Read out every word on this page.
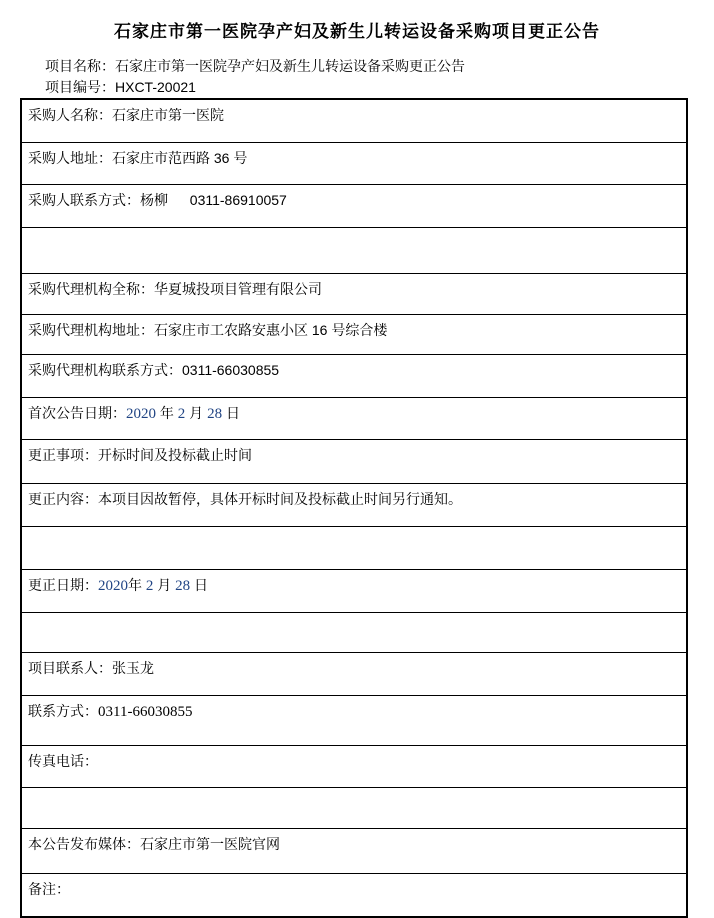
石家庄市第一医院孕产妇及新生儿转运设备采购项目更正公告
项目名称：石家庄市第一医院孕产妇及新生儿转运设备采购更正公告
项目编号：HXCT-20021
采购人名称：石家庄市第一医院
采购人地址：石家庄市范西路 36 号
采购人联系方式：杨柳　  0311-86910057

采购代理机构全称：华夏城投项目管理有限公司
采购代理机构地址：石家庄市工农路安惠小区 16 号综合楼
采购代理机构联系方式：0311-66030855
首次公告日期：2020 年 2 月 28 日
更正事项：开标时间及投标截止时间
更正内容：本项目因故暂停，具体开标时间及投标截止时间另行通知。

更正日期：2020年 2 月 28 日

项目联系人：张玉龙
联系方式：0311-66030855
传真电话：

本公告发布媒体：石家庄市第一医院官网
备注：
